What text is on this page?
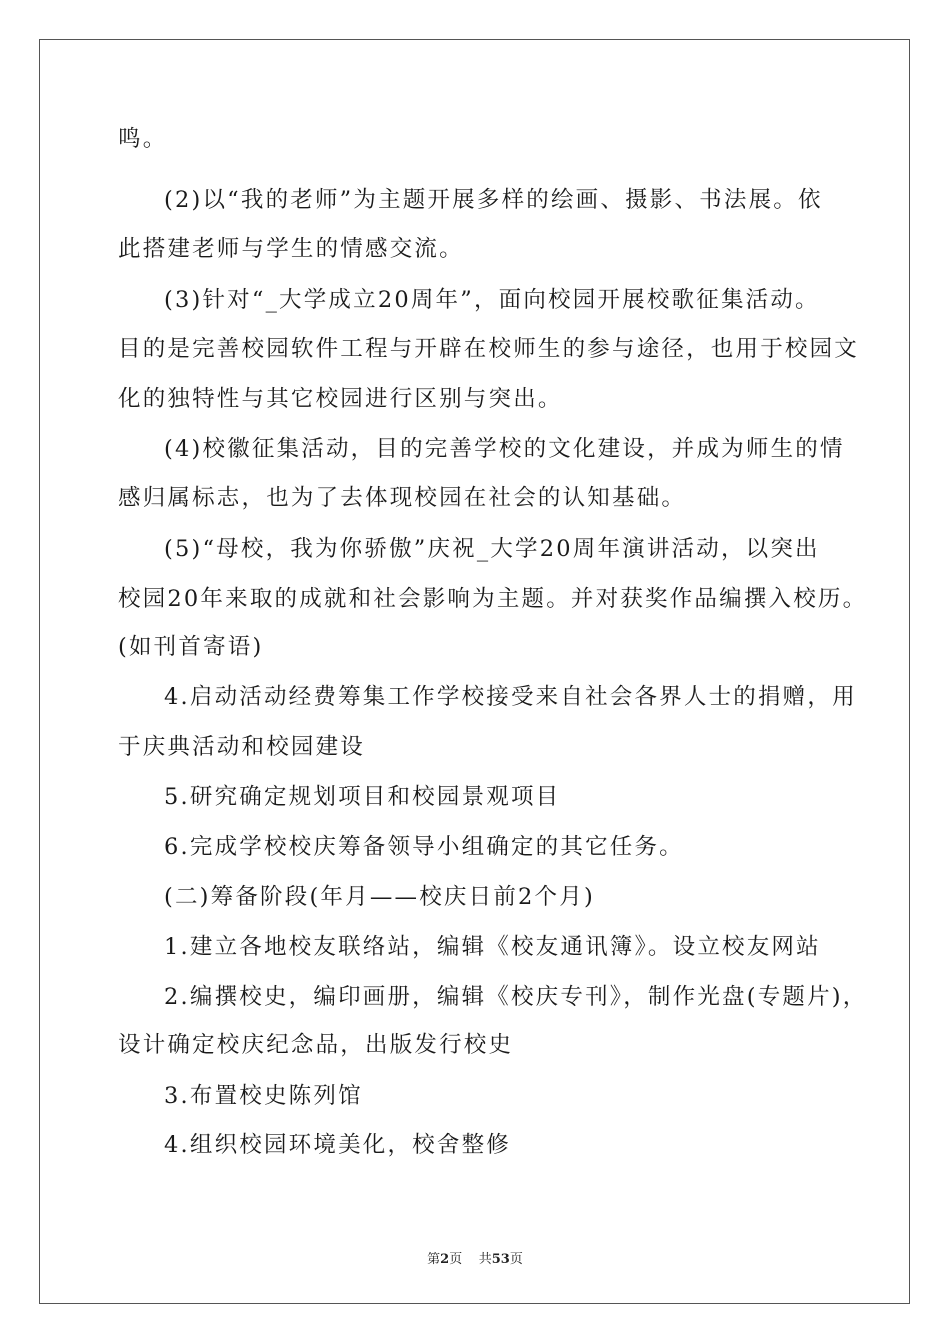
鸣。
(2)以“我的老师”为主题开展多样的绘画、摄影、书法展。依
此搭建老师与学生的情感交流。
(3)针对“_大学成立20周年”，面向校园开展校歌征集活动。
目的是完善校园软件工程与开辟在校师生的参与途径，也用于校园文
化的独特性与其它校园进行区别与突出。
(4)校徽征集活动，目的完善学校的文化建设，并成为师生的情
感归属标志，也为了去体现校园在社会的认知基础。
(5)“母校，我为你骄傲”庆祝_大学20周年演讲活动，以突出
校园20年来取的成就和社会影响为主题。并对获奖作品编撰入校历。
(如刊首寄语)
4.启动活动经费筹集工作学校接受来自社会各界人士的捐赠，用
于庆典活动和校园建设
5.研究确定规划项目和校园景观项目
6.完成学校校庆筹备领导小组确定的其它任务。
(二)筹备阶段(年月——校庆日前2个月)
1.建立各地校友联络站，编辑《校友通讯簿》。设立校友网站
2.编撰校史，编印画册，编辑《校庆专刊》，制作光盘(专题片)，
设计确定校庆纪念品，出版发行校史
3.布置校史陈列馆
4.组织校园环境美化，校舍整修
第2页 共53页
